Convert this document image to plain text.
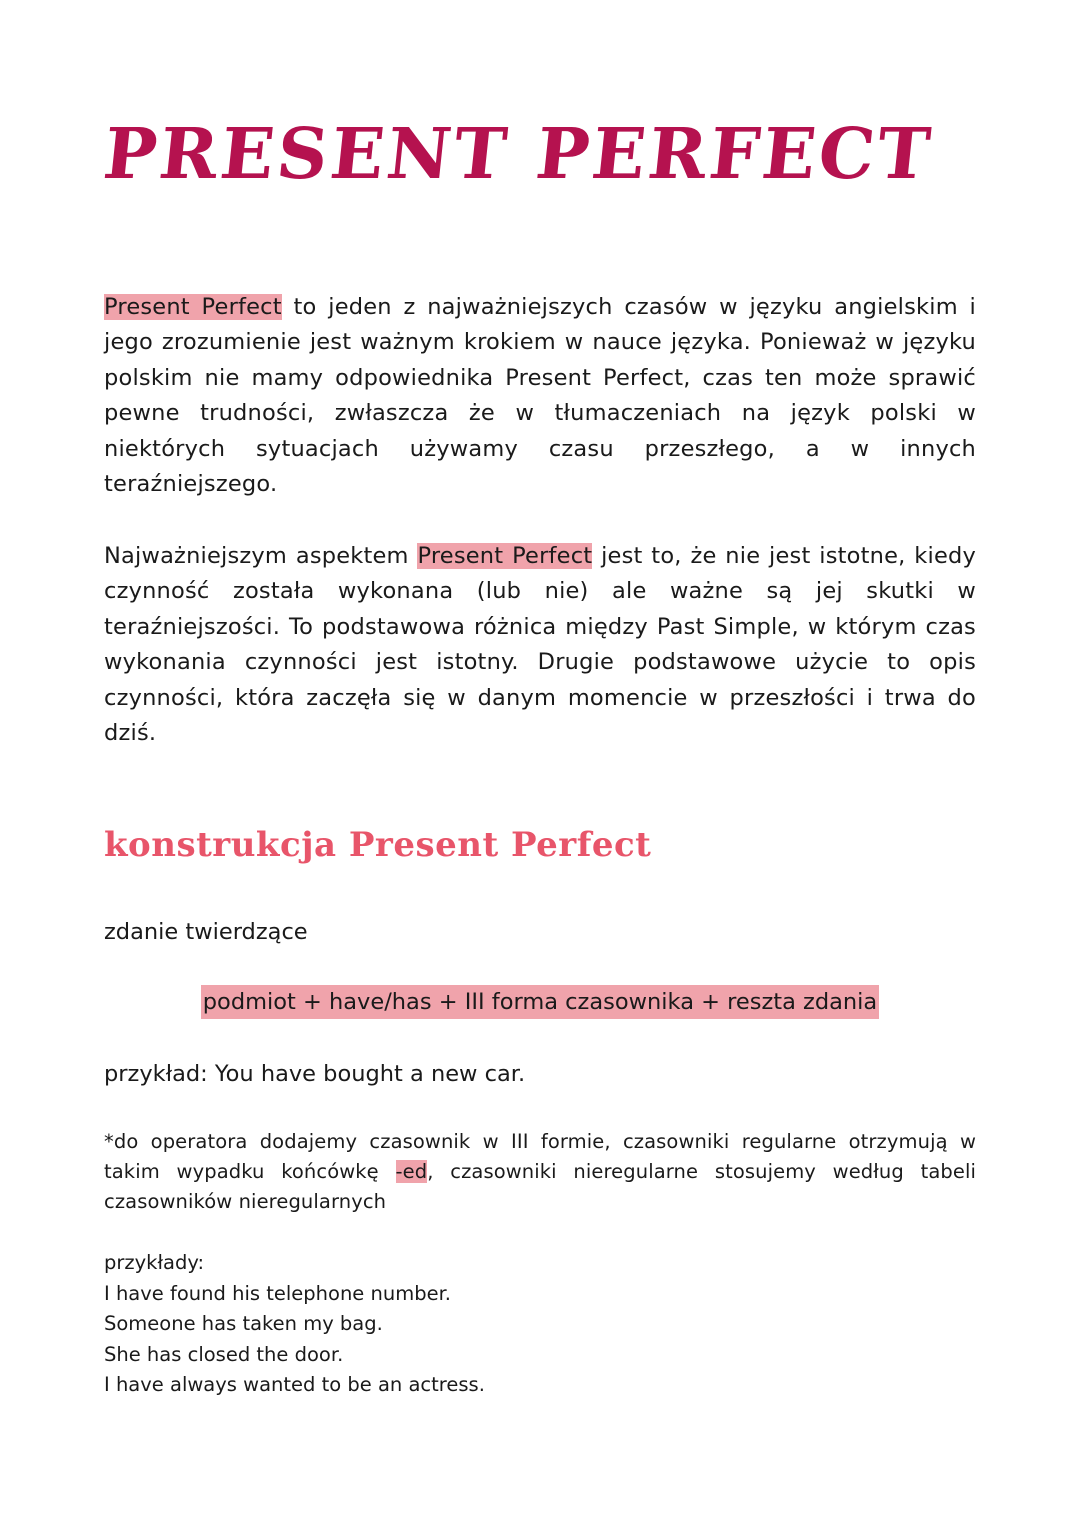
PRESENT PERFECT

Present Perfect to jeden z najważniejszych czasów w języku angielskim i jego zrozumienie jest ważnym krokiem w nauce języka. Ponieważ w języku polskim nie mamy odpowiednika Present Perfect, czas ten może sprawić pewne trudności, zwłaszcza że w tłumaczeniach na język polski w niektórych sytuacjach używamy czasu przeszłego, a w innych teraźniejszego.

Najważniejszym aspektem Present Perfect jest to, że nie jest istotne, kiedy czynność została wykonana (lub nie) ale ważne są jej skutki w teraźniejszości. To podstawowa różnica między Past Simple, w którym czas wykonania czynności jest istotny. Drugie podstawowe użycie to opis czynności, która zaczęła się w danym momencie w przeszłości i trwa do dziś.

konstrukcja Present Perfect

zdanie twierdzące

podmiot + have/has + III forma czasownika + reszta zdania

przykład: You have bought a new car.

*do operatora dodajemy czasownik w III formie, czasowniki regularne otrzymują w takim wypadku końcówkę -ed, czasowniki nieregularne stosujemy według tabeli czasowników nieregularnych

przykłady:
I have found his telephone number.
Someone has taken my bag.
She has closed the door.
I have always wanted to be an actress.
